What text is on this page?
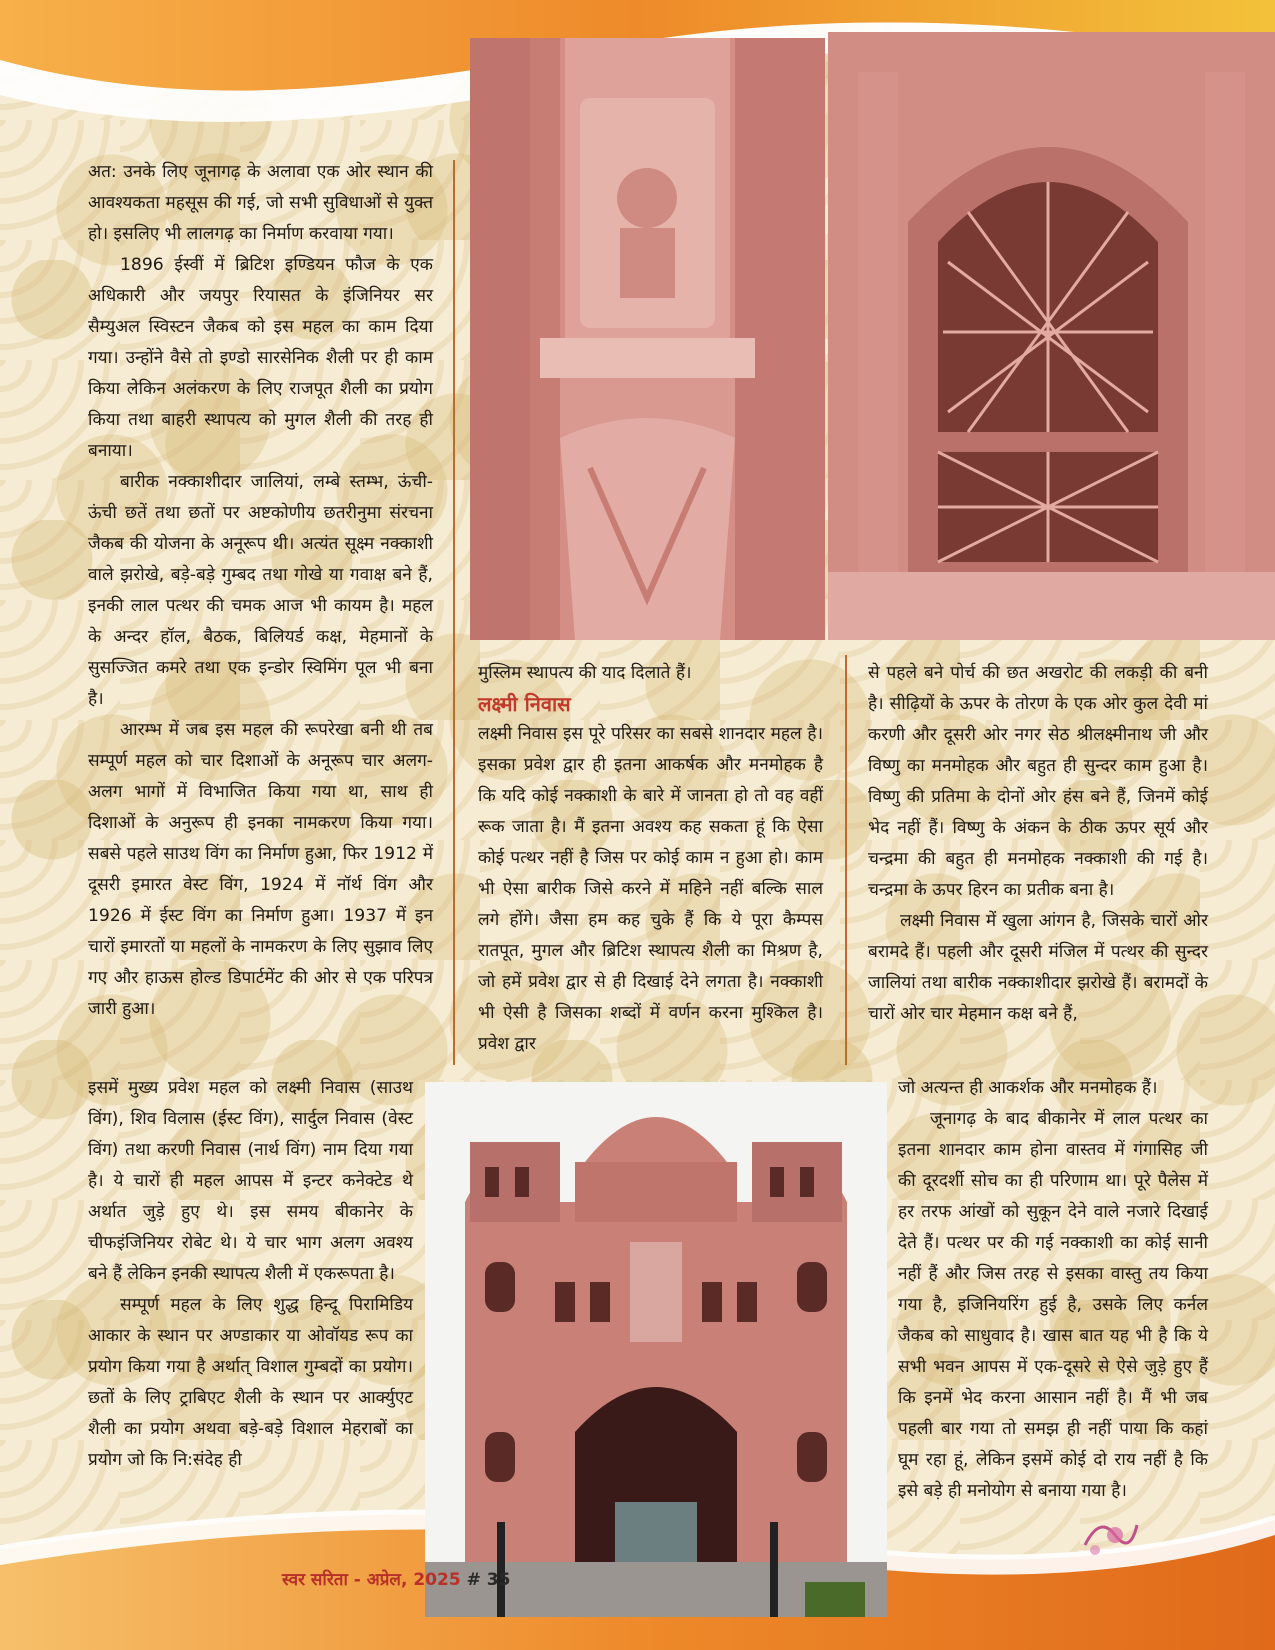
अत: उनके लिए जूनागढ़ के अलावा एक ओर स्थान की आवश्यकता महसूस की गई, जो सभी सुविधाओं से युक्त हो। इसलिए भी लालगढ़ का निर्माण करवाया गया।

1896 ईस्वीं में ब्रिटिश इण्डियन फौज के एक अधिकारी और जयपुर रियासत के इंजिनियर सर सैम्युअल स्विस्टन जैकब को इस महल का काम दिया गया। उन्होंने वैसे तो इण्डो सारसेनिक शैली पर ही काम किया लेकिन अलंकरण के लिए राजपूत शैली का प्रयोग किया तथा बाहरी स्थापत्य को मुगल शैली की तरह ही बनाया।

बारीक नक्काशीदार जालियां, लम्बे स्तम्भ, ऊंची-ऊंची छतें तथा छतों पर अष्टकोणीय छतरीनुमा संरचना जैकब की योजना के अनूरूप थी। अत्यंत सूक्ष्म नक्काशी वाले झरोखे, बड़े-बड़े गुम्बद तथा गोखे या गवाक्ष बने हैं, इनकी लाल पत्थर की चमक आज भी कायम है। महल के अन्दर हॉल, बैठक, बिलियर्ड कक्ष, मेहमानों के सुसज्जित कमरे तथा एक इन्डोर स्विमिंग पूल भी बना है।

आरम्भ में जब इस महल की रूपरेखा बनी थी तब सम्पूर्ण महल को चार दिशाओं के अनूरूप चार अलग-अलग भागों में विभाजित किया गया था, साथ ही दिशाओं के अनुरूप ही इनका नामकरण किया गया। सबसे पहले साउथ विंग का निर्माण हुआ, फिर 1912 में दूसरी इमारत वेस्ट विंग, 1924 में नॉर्थ विंग और 1926 में ईस्ट विंग का निर्माण हुआ। 1937 में इन चारों इमारतों या महलों के नामकरण के लिए सुझाव लिए गए और हाऊस होल्ड डिपार्टमेंट की ओर से एक परिपत्र जारी हुआ।

इसमें मुख्य प्रवेश महल को लक्ष्मी निवास (साउथ विंग), शिव विलास (ईस्ट विंग), सार्दुल निवास (वेस्ट विंग) तथा करणी निवास (नार्थ विंग) नाम दिया गया है। ये चारों ही महल आपस में इन्टर कनेक्टेड थे अर्थात जुड़े हुए थे। इस समय बीकानेर के चीफइंजिनियर रोबेट थे। ये चार भाग अलग अवश्य बने हैं लेकिन इनकी स्थापत्य शैली में एकरूपता है।

सम्पूर्ण महल के लिए शुद्ध हिन्दू पिरामिडिय आकार के स्थान पर अण्डाकार या ओवॉयड रूप का प्रयोग किया गया है अर्थात् विशाल गुम्बदों का प्रयोग। छतों के लिए ट्राबिएट शैली के स्थान पर आर्क्युएट शैली का प्रयोग अथवा बड़े-बड़े विशाल मेहराबों का प्रयोग जो कि नि:संदेह ही

मुस्लिम स्थापत्य की याद दिलाते हैं।

लक्ष्मी निवास

लक्ष्मी निवास इस पूरे परिसर का सबसे शानदार महल है। इसका प्रवेश द्वार ही इतना आकर्षक और मनमोहक है कि यदि कोई नक्काशी के बारे में जानता हो तो वह वहीं रूक जाता है। मैं इतना अवश्य कह सकता हूं कि ऐसा कोई पत्थर नहीं है जिस पर कोई काम न हुआ हो। काम भी ऐसा बारीक जिसे करने में महिने नहीं बल्कि साल लगे होंगे। जैसा हम कह चुके हैं कि ये पूरा कैम्पस रातपूत, मुगल और ब्रिटिश स्थापत्य शैली का मिश्रण है, जो हमें प्रवेश द्वार से ही दिखाई देने लगता है। नक्काशी भी ऐसी है जिसका शब्दों में वर्णन करना मुश्किल है। प्रवेश द्वार

से पहले बने पोर्च की छत अखरोट की लकड़ी की बनी है। सीढ़ियों के ऊपर के तोरण के एक ओर कुल देवी मां करणी और दूसरी ओर नगर सेठ श्रीलक्ष्मीनाथ जी और विष्णु का मनमोहक और बहुत ही सुन्दर काम हुआ है। विष्णु की प्रतिमा के दोनों ओर हंस बने हैं, जिनमें कोई भेद नहीं हैं। विष्णु के अंकन के ठीक ऊपर सूर्य और चन्द्रमा की बहुत ही मनमोहक नक्काशी की गई है। चन्द्रमा के ऊपर हिरन का प्रतीक बना है।

लक्ष्मी निवास में खुला आंगन है, जिसके चारों ओर बरामदे हैं। पहली और दूसरी मंजिल में पत्थर की सुन्दर जालियां तथा बारीक नक्काशीदार झरोखे हैं। बरामदों के चारों ओर चार मेहमान कक्ष बने हैं,

जो अत्यन्त ही आकर्शक और मनमोहक हैं।

जूनागढ़ के बाद बीकानेर में लाल पत्थर का इतना शानदार काम होना वास्तव में गंगासिह जी की दूरदर्शी सोच का ही परिणाम था। पूरे पैलेस में हर तरफ आंखों को सुकून देने वाले नजारे दिखाई देते हैं। पत्थर पर की गई नक्काशी का कोई सानी नहीं हैं और जिस तरह से इसका वास्तु तय किया गया है, इजिनियरिंग हुई है, उसके लिए कर्नल जैकब को साधुवाद है। खास बात यह भी है कि ये सभी भवन आपस में एक-दूसरे से ऐसे जुड़े हुए हैं कि इनमें भेद करना आसान नहीं है। मैं भी जब पहली बार गया तो समझ ही नहीं पाया कि कहां घूम रहा हूं, लेकिन इसमें कोई दो राय नहीं है कि इसे बड़े ही मनोयोग से बनाया गया है।

स्वर सरिता - अप्रेल, 2025 # 35
